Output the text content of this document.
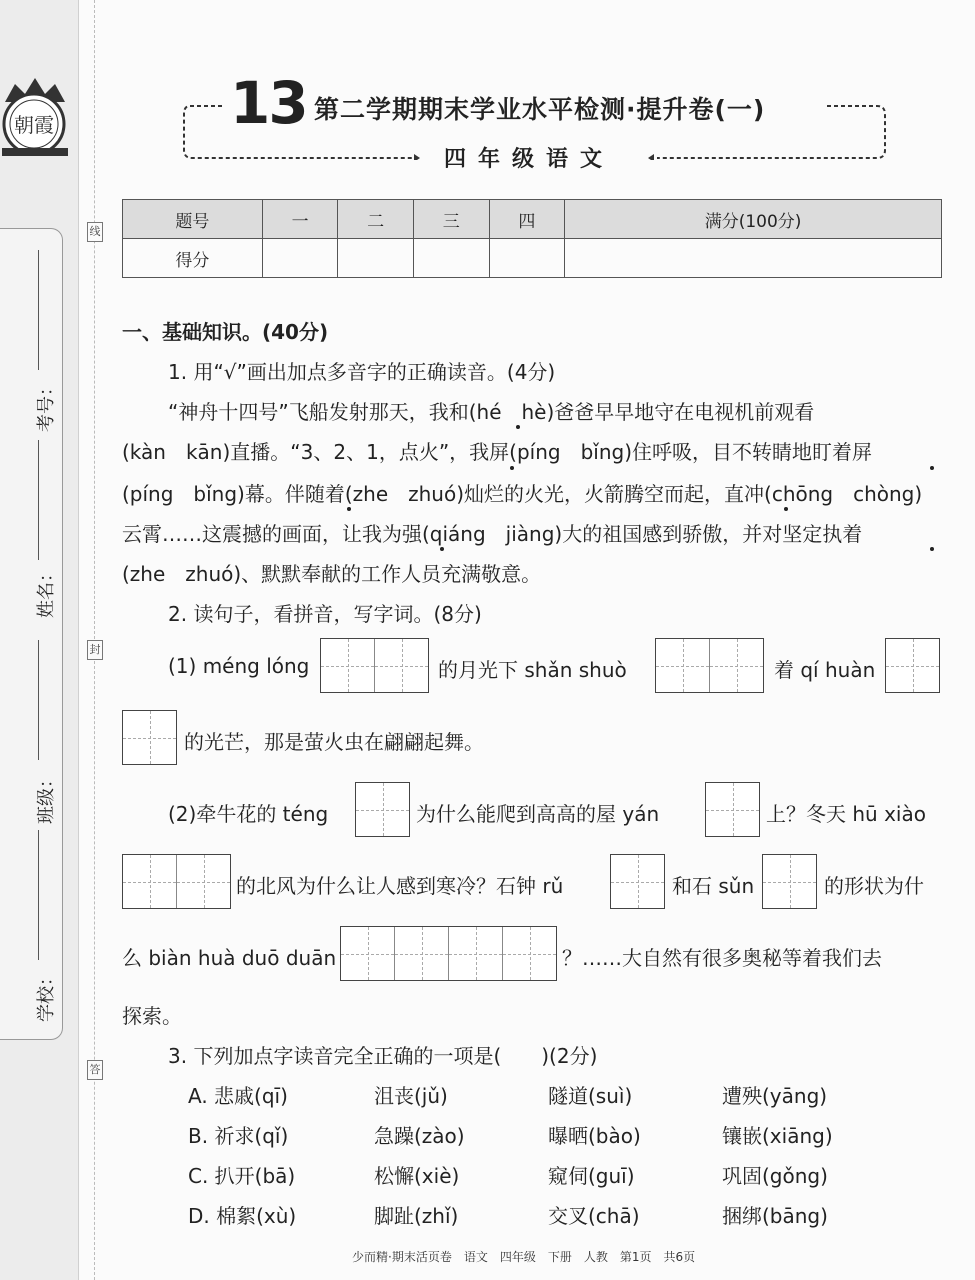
朝霞
考号：
姓名：
班级：
学校：
线
封
答
13 第二学期期末学业水平检测·提升卷(一)
四年级语文
题号	一	二	三	四	满分(100分)
得分					
一、基础知识。(40分)
1. 用“√”画出加点多音字的正确读音。(4分)
“神舟十四号”飞船发射那天，我和(hé　hè)爸爸早早地守在电视机前观看
(kàn　kān)直播。“3、2、1，点火”，我屏(píng　bǐng)住呼吸，目不转睛地盯着屏
(píng　bǐng)幕。伴随着(zhe　zhuó)灿烂的火光，火箭腾空而起，直冲(chōng　chòng)
云霄……这震撼的画面，让我为强(qiáng　jiàng)大的祖国感到骄傲，并对坚定执着
(zhe　zhuó)、默默奉献的工作人员充满敬意。
2. 读句子，看拼音，写字词。(8分)
(1) méng lóng	的月光下 shǎn shuò	着 qí huàn
的光芒，那是萤火虫在翩翩起舞。
(2)牵牛花的 téng	为什么能爬到高高的屋 yán	上？冬天 hū xiào
的北风为什么让人感到寒冷？石钟 rǔ	和石 sǔn	的形状为什
么 biàn huà duō duān	？……大自然有很多奥秘等着我们去
探索。
3. 下列加点字读音完全正确的一项是(　　)(2分)
A. 悲戚(qī)	沮丧(jǔ)	隧道(suì)	遭殃(yāng)
B. 祈求(qǐ)	急躁(zào)	曝晒(bào)	镶嵌(xiāng)
C. 扒开(bā)	松懈(xiè)	窥伺(guī)	巩固(gǒng)
D. 棉絮(xù)	脚趾(zhǐ)	交叉(chā)	捆绑(bāng)
少而精·期末活页卷　语文　四年级　下册　人教　第1页　共6页
